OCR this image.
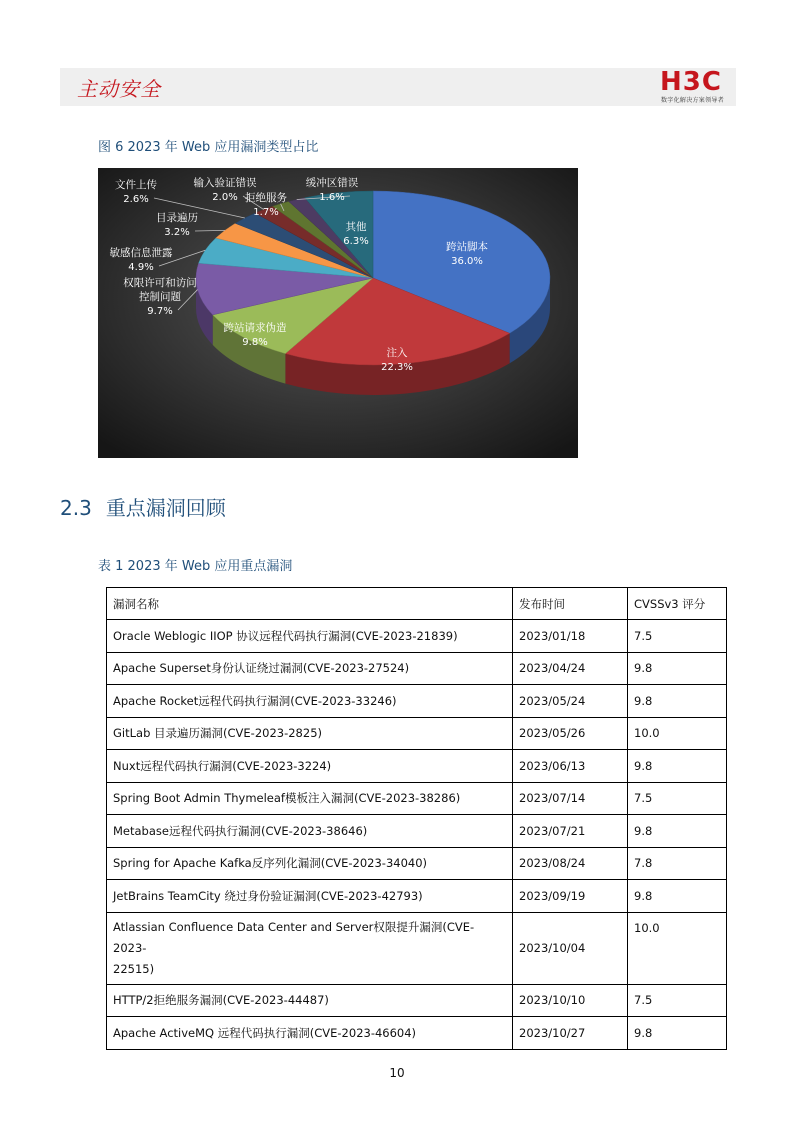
主动安全	H3C
数字化解决方案领导者
图 6 2023 年 Web 应用漏洞类型占比
跨站脚本
36.0%
注入
22.3%
跨站请求伪造
9.8%
权限许可和访问
控制问题
9.7%
敏感信息泄露
4.9%
目录遍历
3.2%
文件上传
2.6%
输入验证错误
2.0% 拒绝服务
1.7%
缓冲区错误
1.6%
其他
6.3%
2.3 重点漏洞回顾
表 1 2023 年 Web 应用重点漏洞
漏洞名称	发布时间	CVSSv3 评分
Oracle Weblogic IIOP 协议远程代码执行漏洞(CVE-2023-21839)	2023/01/18	7.5
Apache Superset身份认证绕过漏洞(CVE-2023-27524)	2023/04/24	9.8
Apache Rocket远程代码执行漏洞(CVE-2023-33246)	2023/05/24	9.8
GitLab 目录遍历漏洞(CVE-2023-2825)	2023/05/26	10.0
Nuxt远程代码执行漏洞(CVE-2023-3224)	2023/06/13	9.8
Spring Boot Admin Thymeleaf模板注入漏洞(CVE-2023-38286)	2023/07/14	7.5
Metabase远程代码执行漏洞(CVE-2023-38646)	2023/07/21	9.8
Spring for Apache Kafka反序列化漏洞(CVE-2023-34040)	2023/08/24	7.8
JetBrains TeamCity 绕过身份验证漏洞(CVE-2023-42793)	2023/09/19	9.8
Atlassian Confluence Data Center and Server权限提升漏洞(CVE-2023-
22515)	2023/10/04	10.0
HTTP/2拒绝服务漏洞(CVE-2023-44487)	2023/10/10	7.5
Apache ActiveMQ 远程代码执行漏洞(CVE-2023-46604)	2023/10/27	9.8
10
